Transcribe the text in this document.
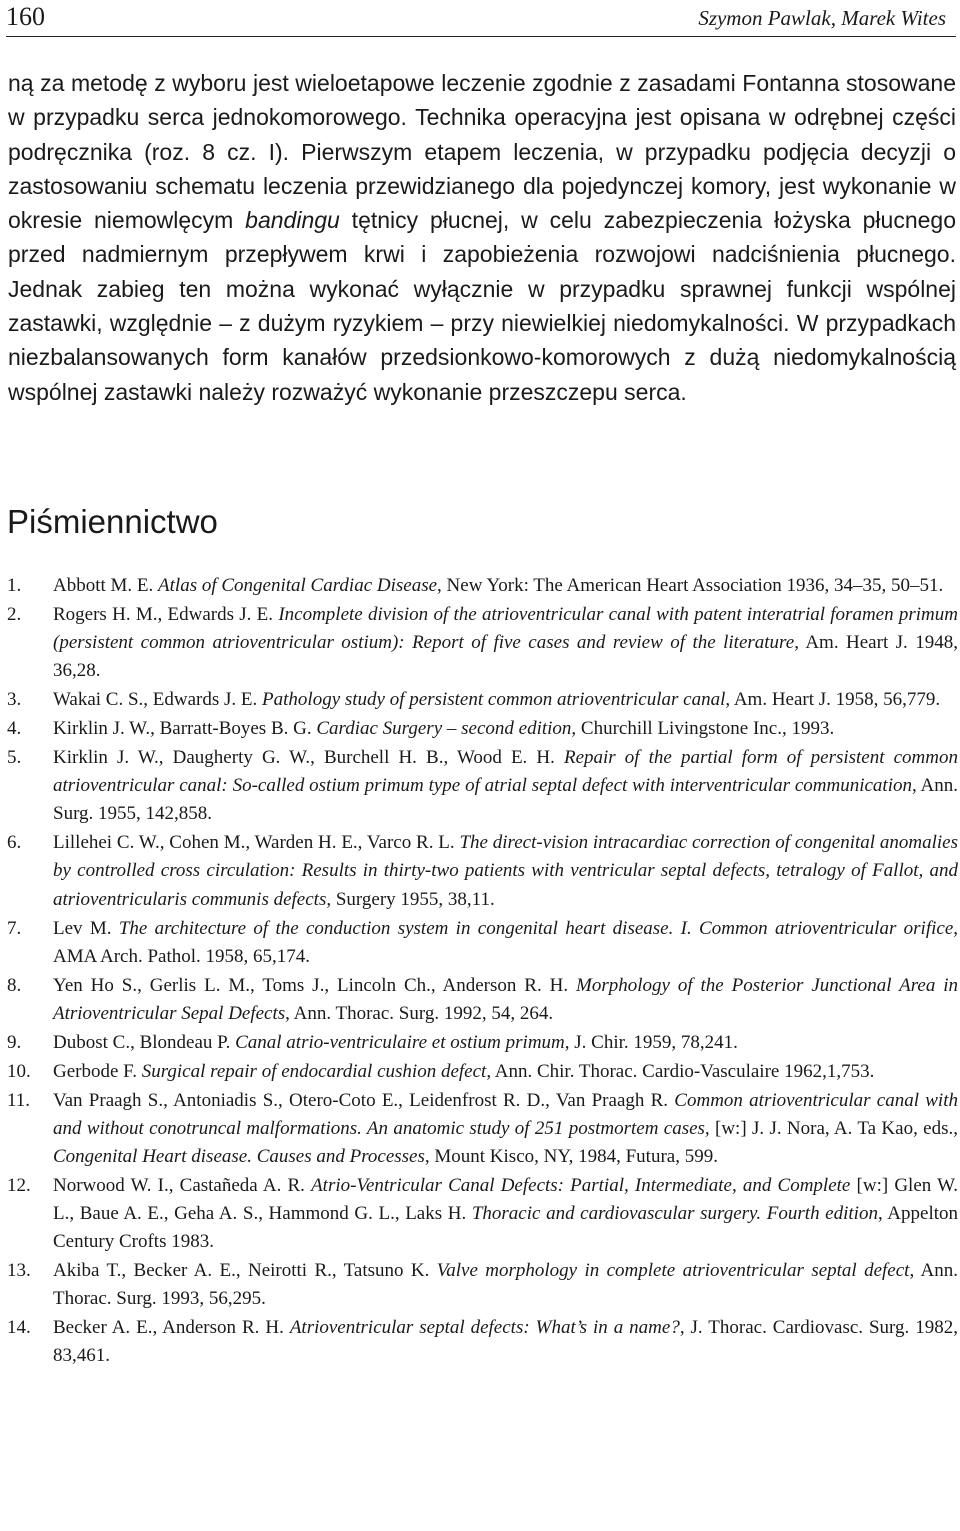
160	Szymon Pawlak, Marek Wites

ną za metodę z wyboru jest wieloetapowe leczenie zgodnie z zasadami Fontanna stosowane w przypadku serca jednokomorowego. Technika operacyjna jest opisana w odrębnej części podręcznika (roz. 8 cz. I). Pierwszym etapem leczenia, w przypadku podjęcia decyzji o zastosowaniu schematu leczenia przewidzianego dla pojedynczej komory, jest wykonanie w okresie niemowlęcym bandingu tętnicy płucnej, w celu zabezpieczenia łożyska płucnego przed nadmiernym przepływem krwi i zapobieżenia rozwojowi nadciśnienia płucnego. Jednak zabieg ten można wykonać wyłącznie w przypadku sprawnej funkcji wspólnej zastawki, względnie – z dużym ryzykiem – przy niewielkiej niedomykalności. W przypadkach niezbalansowanych form kanałów przedsionkowo-komorowych z dużą niedomykalnością wspólnej zastawki należy rozważyć wykonanie przeszczepu serca.

Piśmiennictwo
1.	Abbott M. E. Atlas of Congenital Cardiac Disease, New York: The American Heart Association 1936, 34–35, 50–51.
2.	Rogers H. M., Edwards J. E. Incomplete division of the atrioventricular canal with patent interatrial foramen primum (persistent common atrioventricular ostium): Report of five cases and review of the literature, Am. Heart J. 1948, 36,28.
3.	Wakai C. S., Edwards J. E. Pathology study of persistent common atrioventricular canal, Am. Heart J. 1958, 56,779.
4.	Kirklin J. W., Barratt-Boyes B. G. Cardiac Surgery – second edition, Churchill Livingstone Inc., 1993.
5.	Kirklin J. W., Daugherty G. W., Burchell H. B., Wood E. H. Repair of the partial form of persistent common atrioventricular canal: So-called ostium primum type of atrial septal defect with interventricular communication, Ann. Surg. 1955, 142,858.
6.	Lillehei C. W., Cohen M., Warden H. E., Varco R. L. The direct-vision intracardiac correction of congenital anomalies by controlled cross circulation: Results in thirty-two patients with ventricular septal defects, tetralogy of Fallot, and atrioventricularis communis defects, Surgery 1955, 38,11.
7.	Lev M. The architecture of the conduction system in congenital heart disease. I. Common atrioventricular orifice, AMA Arch. Pathol. 1958, 65,174.
8.	Yen Ho S., Gerlis L. M., Toms J., Lincoln Ch., Anderson R. H. Morphology of the Posterior Junctional Area in Atrioventricular Sepal Defects, Ann. Thorac. Surg. 1992, 54, 264.
9.	Dubost C., Blondeau P. Canal atrio-ventriculaire et ostium primum, J. Chir. 1959, 78,241.
10.	Gerbode F. Surgical repair of endocardial cushion defect, Ann. Chir. Thorac. Cardio-Vasculaire 1962,1,753.
11.	Van Praagh S., Antoniadis S., Otero-Coto E., Leidenfrost R. D., Van Praagh R. Common atrioventricular canal with and without conotruncal malformations. An anatomic study of 251 postmortem cases, [w:] J. J. Nora, A. Ta Kao, eds., Congenital Heart disease. Causes and Processes, Mount Kisco, NY, 1984, Futura, 599.
12.	Norwood W. I., Castañeda A. R. Atrio-Ventricular Canal Defects: Partial, Intermediate, and Complete [w:] Glen W. L., Baue A. E., Geha A. S., Hammond G. L., Laks H. Thoracic and cardiovascular surgery. Fourth edition, Appelton Century Crofts 1983.
13.	Akiba T., Becker A. E., Neirotti R., Tatsuno K. Valve morphology in complete atrioventricular septal defect, Ann. Thorac. Surg. 1993, 56,295.
14.	Becker A. E., Anderson R. H. Atrioventricular septal defects: What’s in a name?, J. Thorac. Cardiovasc. Surg. 1982, 83,461.
